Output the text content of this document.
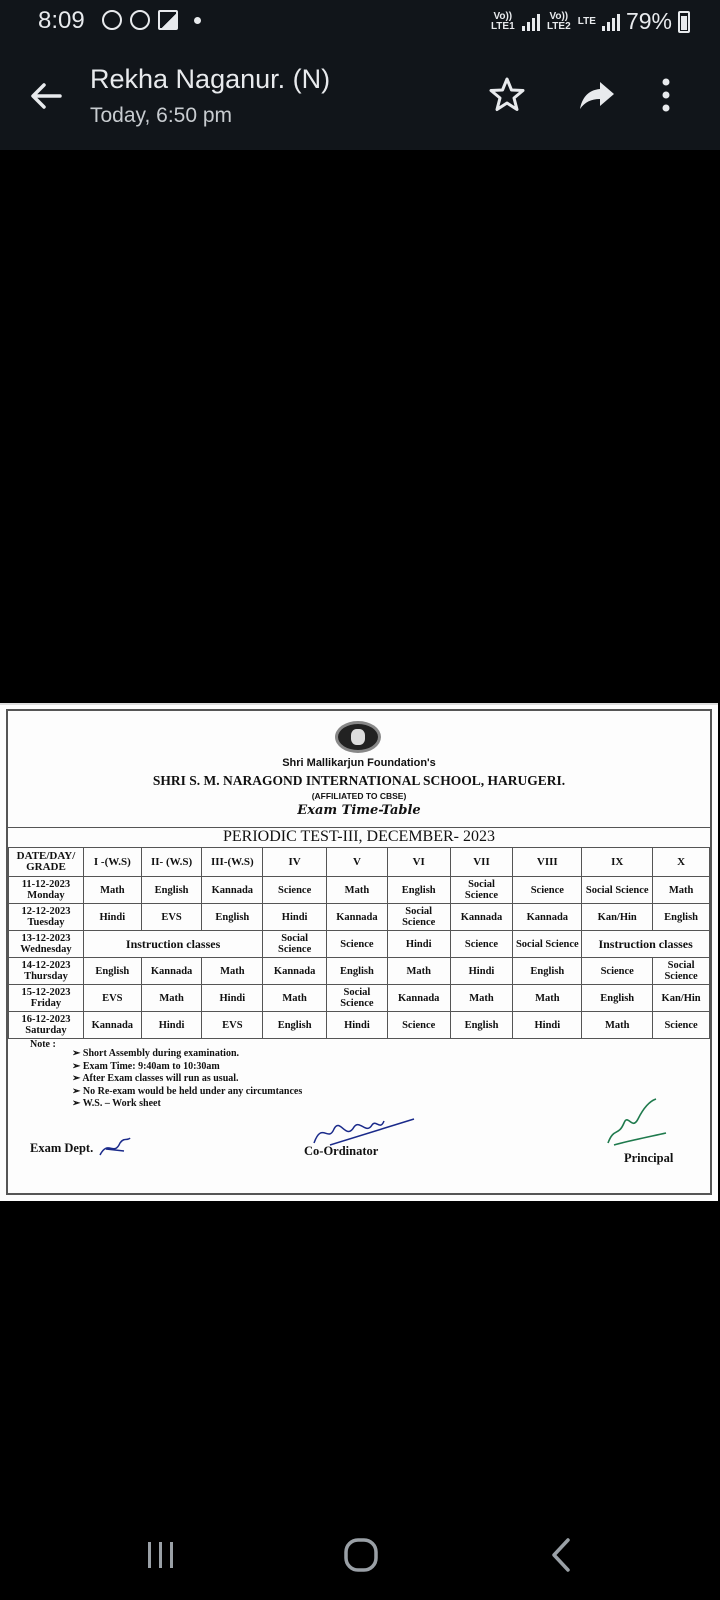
8:09	Vo)) LTE1
Vo)) LTE2 LTE 79%
Rekha Naganur. (N)
Today, 6:50 pm
Shri Mallikarjun Foundation's
SHRI S. M. NARAGOND INTERNATIONAL SCHOOL, HARUGERI.
(AFFILIATED TO CBSE)
Exam Time-Table
PERIODIC TEST-III, DECEMBER- 2023
DATE/DAY/
GRADE	I -(W.S)	II- (W.S)	III-(W.S)	IV	V	VI	VII	VIII	IX	X
11-12-2023
Monday	Math	English	Kannada	Science	Math	English	Social Science	Science	Social Science	Math
12-12-2023
Tuesday	Hindi	EVS	English	Hindi	Kannada	Social Science	Kannada	Kannada	Kan/Hin	English
13-12-2023
Wednesday	Instruction classes			Social Science	Science	Hindi	Science	Social Science	Instruction classes	
14-12-2023
Thursday	English	Kannada	Math	Kannada	English	Math	Hindi	English	Science	Social Science
15-12-2023
Friday	EVS	Math	Hindi	Math	Social Science	Kannada	Math	Math	English	Kan/Hin
16-12-2023
Saturday	Kannada	Hindi	EVS	English	Hindi	Science	English	Hindi	Math	Science
Note :
➢ Short Assembly during examination.
➢ Exam Time: 9:40am to 10:30am
➢ After Exam classes will run as usual.
➢ No Re-exam would be held under any circumtances
➢ W.S. – Work sheet
Exam Dept.	Co-Ordinator	Principal
